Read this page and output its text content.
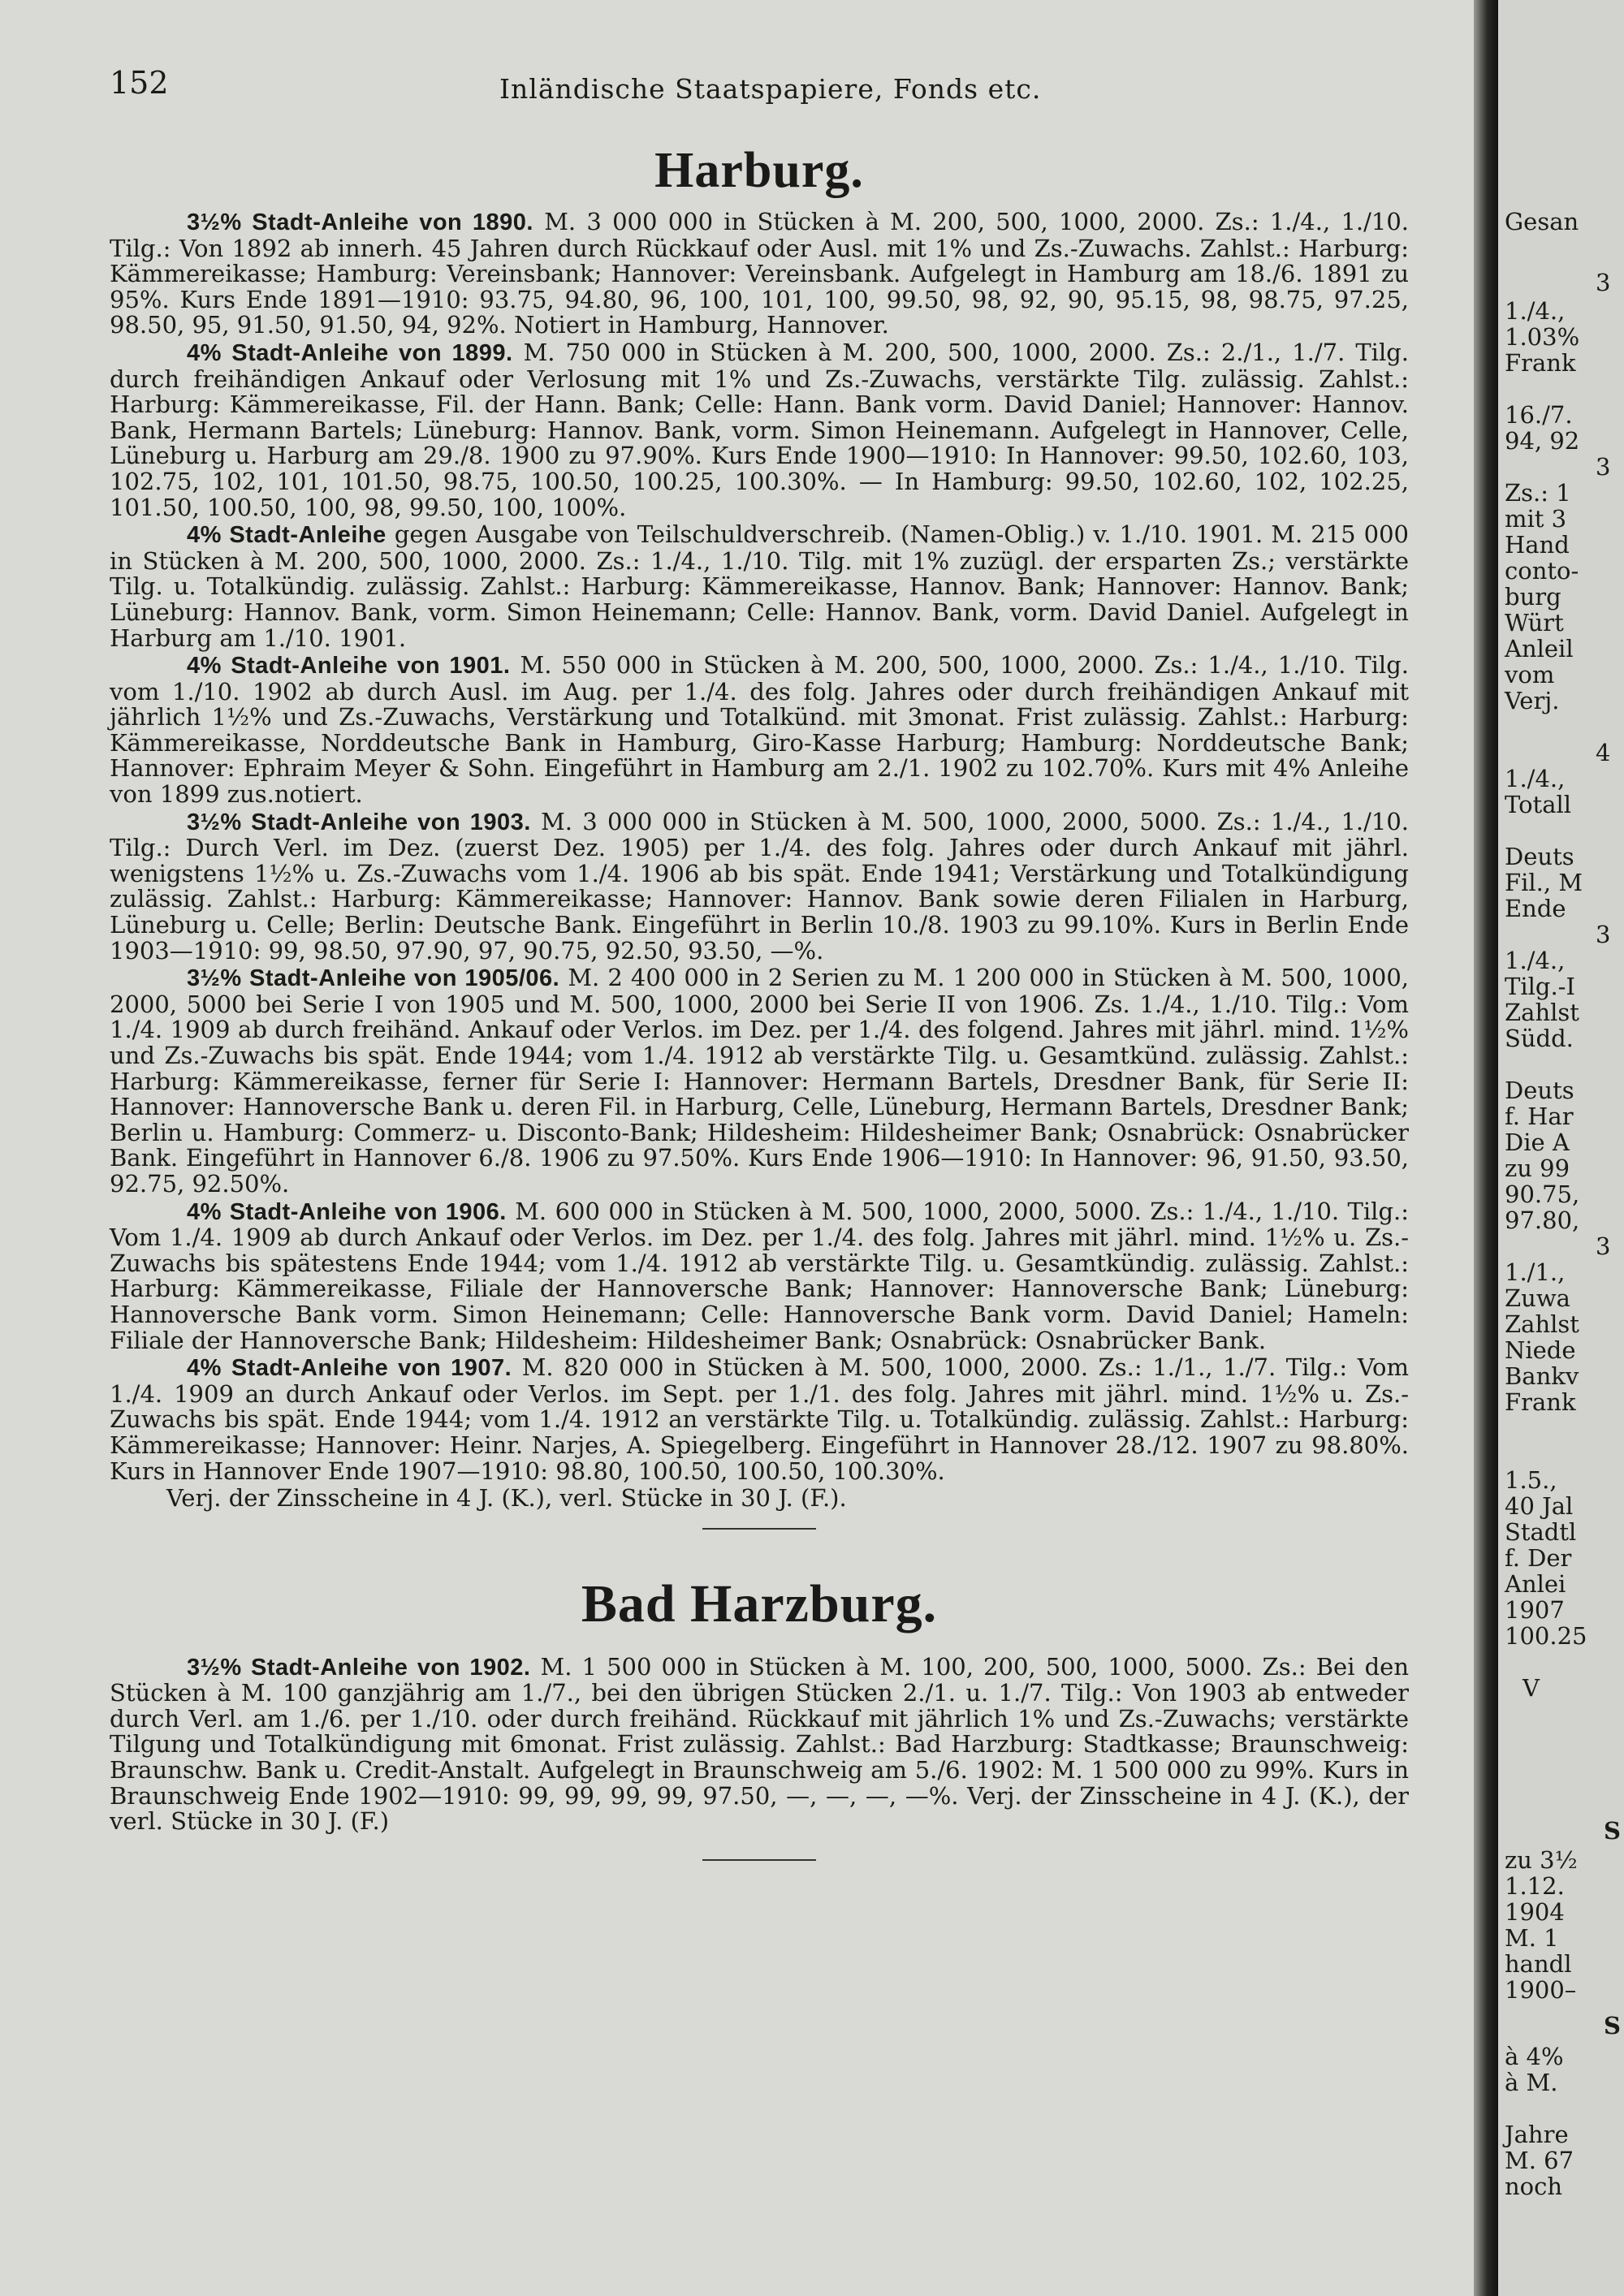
152	Inländische Staatspapiere, Fonds etc.
Harburg.

3½% Stadt-Anleihe von 1890. M. 3 000 000 in Stücken à M. 200, 500, 1000, 2000. Zs.: 1./4., 1./10. Tilg.: Von 1892 ab innerh. 45 Jahren durch Rückkauf oder Ausl. mit 1% und Zs.-Zuwachs. Zahlst.: Harburg: Kämmereikasse; Hamburg: Vereinsbank; Hannover: Vereinsbank. Aufgelegt in Hamburg am 18./6. 1891 zu 95%. Kurs Ende 1891—1910: 93.75, 94.80, 96, 100, 101, 100, 99.50, 98, 92, 90, 95.15, 98, 98.75, 97.25, 98.50, 95, 91.50, 91.50, 94, 92%. Notiert in Hamburg, Hannover.

4% Stadt-Anleihe von 1899. M. 750 000 in Stücken à M. 200, 500, 1000, 2000. Zs.: 2./1., 1./7. Tilg. durch freihändigen Ankauf oder Verlosung mit 1% und Zs.-Zuwachs, verstärkte Tilg. zulässig. Zahlst.: Harburg: Kämmereikasse, Fil. der Hann. Bank; Celle: Hann. Bank vorm. David Daniel; Hannover: Hannov. Bank, Hermann Bartels; Lüneburg: Hannov. Bank, vorm. Simon Heinemann. Aufgelegt in Hannover, Celle, Lüneburg u. Harburg am 29./8. 1900 zu 97.90%. Kurs Ende 1900—1910: In Hannover: 99.50, 102.60, 103, 102.75, 102, 101, 101.50, 98.75, 100.50, 100.25, 100.30%. — In Hamburg: 99.50, 102.60, 102, 102.25, 101.50, 100.50, 100, 98, 99.50, 100, 100%.

4% Stadt-Anleihe gegen Ausgabe von Teilschuldverschreib. (Namen-Oblig.) v. 1./10. 1901. M. 215 000 in Stücken à M. 200, 500, 1000, 2000. Zs.: 1./4., 1./10. Tilg. mit 1% zuzügl. der ersparten Zs.; verstärkte Tilg. u. Totalkündig. zulässig. Zahlst.: Harburg: Kämmereikasse, Hannov. Bank; Hannover: Hannov. Bank; Lüneburg: Hannov. Bank, vorm. Simon Heinemann; Celle: Hannov. Bank, vorm. David Daniel. Aufgelegt in Harburg am 1./10. 1901.

4% Stadt-Anleihe von 1901. M. 550 000 in Stücken à M. 200, 500, 1000, 2000. Zs.: 1./4., 1./10. Tilg. vom 1./10. 1902 ab durch Ausl. im Aug. per 1./4. des folg. Jahres oder durch freihändigen Ankauf mit jährlich 1½% und Zs.-Zuwachs, Verstärkung und Totalkünd. mit 3monat. Frist zulässig. Zahlst.: Harburg: Kämmereikasse, Norddeutsche Bank in Hamburg, Giro-Kasse Harburg; Hamburg: Norddeutsche Bank; Hannover: Ephraim Meyer & Sohn. Eingeführt in Hamburg am 2./1. 1902 zu 102.70%. Kurs mit 4% Anleihe von 1899 zus.notiert.

3½% Stadt-Anleihe von 1903. M. 3 000 000 in Stücken à M. 500, 1000, 2000, 5000. Zs.: 1./4., 1./10. Tilg.: Durch Verl. im Dez. (zuerst Dez. 1905) per 1./4. des folg. Jahres oder durch Ankauf mit jährl. wenigstens 1½% u. Zs.-Zuwachs vom 1./4. 1906 ab bis spät. Ende 1941; Verstärkung und Totalkündigung zulässig. Zahlst.: Harburg: Kämmereikasse; Hannover: Hannov. Bank sowie deren Filialen in Harburg, Lüneburg u. Celle; Berlin: Deutsche Bank. Eingeführt in Berlin 10./8. 1903 zu 99.10%. Kurs in Berlin Ende 1903—1910: 99, 98.50, 97.90, 97, 90.75, 92.50, 93.50, —%.

3½% Stadt-Anleihe von 1905/06. M. 2 400 000 in 2 Serien zu M. 1 200 000 in Stücken à M. 500, 1000, 2000, 5000 bei Serie I von 1905 und M. 500, 1000, 2000 bei Serie II von 1906. Zs. 1./4., 1./10. Tilg.: Vom 1./4. 1909 ab durch freihänd. Ankauf oder Verlos. im Dez. per 1./4. des folgend. Jahres mit jährl. mind. 1½% und Zs.-Zuwachs bis spät. Ende 1944; vom 1./4. 1912 ab verstärkte Tilg. u. Gesamtkünd. zulässig. Zahlst.: Harburg: Kämmereikasse, ferner für Serie I: Hannover: Hermann Bartels, Dresdner Bank, für Serie II: Hannover: Hannoversche Bank u. deren Fil. in Harburg, Celle, Lüneburg, Hermann Bartels, Dresdner Bank; Berlin u. Hamburg: Commerz- u. Disconto-Bank; Hildesheim: Hildesheimer Bank; Osnabrück: Osnabrücker Bank. Eingeführt in Hannover 6./8. 1906 zu 97.50%. Kurs Ende 1906—1910: In Hannover: 96, 91.50, 93.50, 92.75, 92.50%.

4% Stadt-Anleihe von 1906. M. 600 000 in Stücken à M. 500, 1000, 2000, 5000. Zs.: 1./4., 1./10. Tilg.: Vom 1./4. 1909 ab durch Ankauf oder Verlos. im Dez. per 1./4. des folg. Jahres mit jährl. mind. 1½% u. Zs.-Zuwachs bis spätestens Ende 1944; vom 1./4. 1912 ab verstärkte Tilg. u. Gesamtkündig. zulässig. Zahlst.: Harburg: Kämmereikasse, Filiale der Hannoversche Bank; Hannover: Hannoversche Bank; Lüneburg: Hannoversche Bank vorm. Simon Heinemann; Celle: Hannoversche Bank vorm. David Daniel; Hameln: Filiale der Hannoversche Bank; Hildesheim: Hildesheimer Bank; Osnabrück: Osnabrücker Bank.

4% Stadt-Anleihe von 1907. M. 820 000 in Stücken à M. 500, 1000, 2000. Zs.: 1./1., 1./7. Tilg.: Vom 1./4. 1909 an durch Ankauf oder Verlos. im Sept. per 1./1. des folg. Jahres mit jährl. mind. 1½% u. Zs.-Zuwachs bis spät. Ende 1944; vom 1./4. 1912 an verstärkte Tilg. u. Totalkündig. zulässig. Zahlst.: Harburg: Kämmereikasse; Hannover: Heinr. Narjes, A. Spiegelberg. Eingeführt in Hannover 28./12. 1907 zu 98.80%. Kurs in Hannover Ende 1907—1910: 98.80, 100.50, 100.50, 100.30%.

Verj. der Zinsscheine in 4 J. (K.), verl. Stücke in 30 J. (F.).

Bad Harzburg.

3½% Stadt-Anleihe von 1902. M. 1 500 000 in Stücken à M. 100, 200, 500, 1000, 5000. Zs.: Bei den Stücken à M. 100 ganzjährig am 1./7., bei den übrigen Stücken 2./1. u. 1./7. Tilg.: Von 1903 ab entweder durch Verl. am 1./6. per 1./10. oder durch freihänd. Rückkauf mit jährlich 1% und Zs.-Zuwachs; verstärkte Tilgung und Totalkündigung mit 6monat. Frist zulässig. Zahlst.: Bad Harzburg: Stadtkasse; Braunschweig: Braunschw. Bank u. Credit-Anstalt. Aufgelegt in Braunschweig am 5./6. 1902: M. 1 500 000 zu 99%. Kurs in Braunschweig Ende 1902—1910: 99, 99, 99, 99, 97.50, —, —, —, —%. Verj. der Zinsscheine in 4 J. (K.), der verl. Stücke in 30 J. (F.)

Gesan
3
1./4.,
1.03%
Frank
16./7.
94, 92
3
Zs.: 1
mit 3
Hand
conto-
burg
Würt
Anleil
vom
Verj.
4
1./4.,
Totall
Deuts
Fil., M
Ende
3
1./4.,
Tilg.-I
Zahlst
Südd.
Deuts
f. Har
Die A
zu 99
90.75,
97.80,
3
1./1.,
Zuwa
Zahlst
Niede
Bankv
Frank
1.5.,
40 Jal
Stadtl
f. Der
Anlei
1907
100.25
V
S
zu 3½
1.12.
1904
M. 1
handl
1900–
S
à 4%
à M.
Jahre
M. 67
noch
